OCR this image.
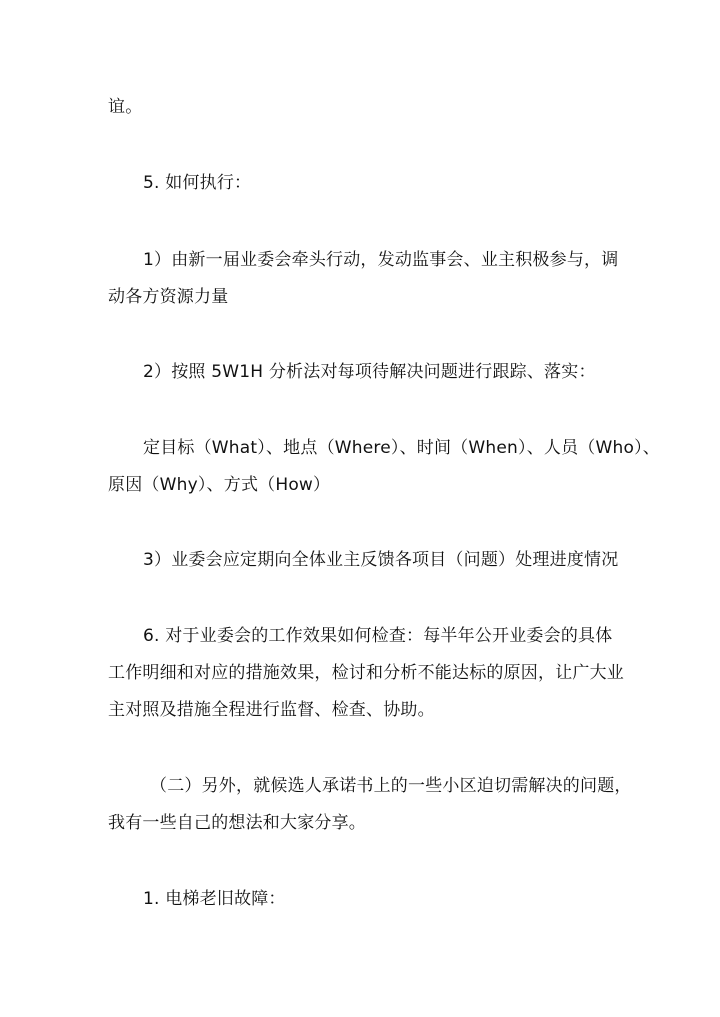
谊。
5. 如何执行：
1）由新一届业委会牵头行动，发动监事会、业主积极参与，调
动各方资源力量
2）按照 5W1H 分析法对每项待解决问题进行跟踪、落实：
定目标（What）、地点（Where）、时间（When）、人员（Who）、
原因（Why）、方式（How）
3）业委会应定期向全体业主反馈各项目（问题）处理进度情况
6. 对于业委会的工作效果如何检查：每半年公开业委会的具体
工作明细和对应的措施效果，检讨和分析不能达标的原因，让广大业
主对照及措施全程进行监督、检查、协助。
（二）另外，就候选人承诺书上的一些小区迫切需解决的问题，
我有一些自己的想法和大家分享。
1. 电梯老旧故障：
